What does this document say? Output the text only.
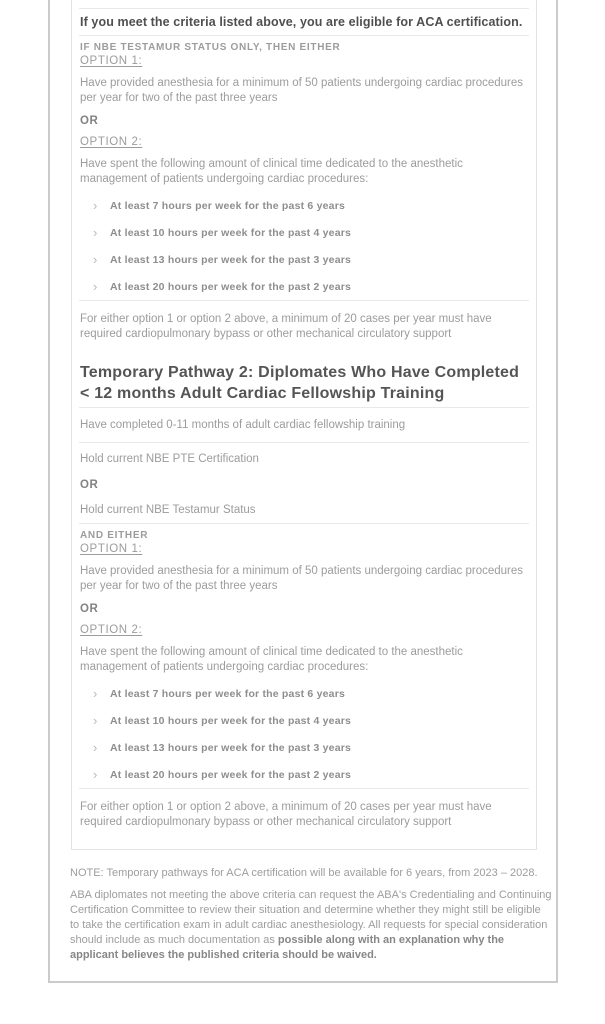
If you meet the criteria listed above, you are eligible for ACA certification.

IF NBE TESTAMUR STATUS ONLY, THEN EITHER
OPTION 1:

Have provided anesthesia for a minimum of 50 patients undergoing cardiac procedures per year for two of the past three years

OR

OPTION 2:

Have spent the following amount of clinical time dedicated to the anesthetic management of patients undergoing cardiac procedures:

› At least 7 hours per week for the past 6 years
› At least 10 hours per week for the past 4 years
› At least 13 hours per week for the past 3 years
› At least 20 hours per week for the past 2 years

For either option 1 or option 2 above, a minimum of 20 cases per year must have required cardiopulmonary bypass or other mechanical circulatory support

Temporary Pathway 2: Diplomates Who Have Completed < 12 months Adult Cardiac Fellowship Training

Have completed 0-11 months of adult cardiac fellowship training

Hold current NBE PTE Certification

OR

Hold current NBE Testamur Status

AND EITHER
OPTION 1:

Have provided anesthesia for a minimum of 50 patients undergoing cardiac procedures per year for two of the past three years

OR

OPTION 2:

Have spent the following amount of clinical time dedicated to the anesthetic management of patients undergoing cardiac procedures:

› At least 7 hours per week for the past 6 years
› At least 10 hours per week for the past 4 years
› At least 13 hours per week for the past 3 years
› At least 20 hours per week for the past 2 years

For either option 1 or option 2 above, a minimum of 20 cases per year must have required cardiopulmonary bypass or other mechanical circulatory support

NOTE: Temporary pathways for ACA certification will be available for 6 years, from 2023 – 2028.

ABA diplomates not meeting the above criteria can request the ABA's Credentialing and Continuing Certification Committee to review their situation and determine whether they might still be eligible to take the certification exam in adult cardiac anesthesiology. All requests for special consideration should include as much documentation as possible along with an explanation why the applicant believes the published criteria should be waived.
